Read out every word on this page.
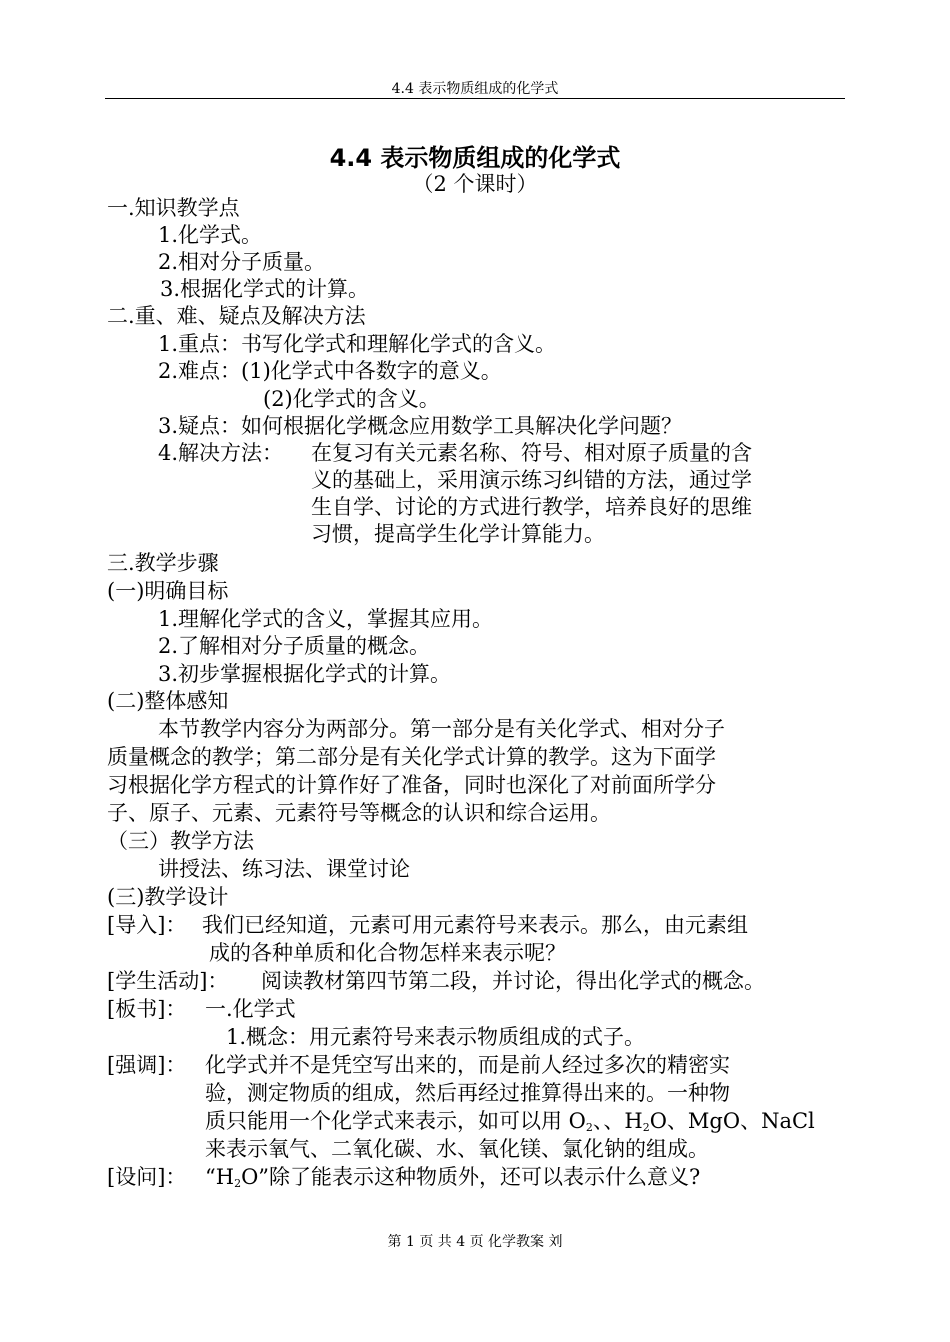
4.4 表示物质组成的化学式
4.4 表示物质组成的化学式
（2 个课时）
一.知识教学点
1.化学式。
2.相对分子质量。
3.根据化学式的计算。
二.重、难、疑点及解决方法
1.重点：书写化学式和理解化学式的含义。
2.难点：(1)化学式中各数字的意义。
(2)化学式的含义。
3.疑点：如何根据化学概念应用数学工具解决化学问题？
4.解决方法： 在复习有关元素名称、符号、相对原子质量的含
义的基础上，采用演示练习纠错的方法，通过学
生自学、讨论的方式进行教学，培养良好的思维
习惯，提高学生化学计算能力。
三.教学步骤
(一)明确目标
1.理解化学式的含义，掌握其应用。
2.了解相对分子质量的概念。
3.初步掌握根据化学式的计算。
(二)整体感知
本节教学内容分为两部分。第一部分是有关化学式、相对分子
质量概念的教学；第二部分是有关化学式计算的教学。这为下面学
习根据化学方程式的计算作好了准备，同时也深化了对前面所学分
子、原子、元素、元素符号等概念的认识和综合运用。
（三）教学方法
讲授法、练习法、课堂讨论
(三)教学设计
[导入]： 我们已经知道，元素可用元素符号来表示。那么，由元素组
成的各种单质和化合物怎样来表示呢？
[学生活动]： 阅读教材第四节第二段，并讨论，得出化学式的概念。
[板书]： 一.化学式
1.概念：用元素符号来表示物质组成的式子。
[强调]： 化学式并不是凭空写出来的，而是前人经过多次的精密实
验，测定物质的组成，然后再经过推算得出来的。一种物
质只能用一个化学式来表示，如可以用 $O_2$、、$H_2O$、MgO、NaCl
来表示氧气、二氧化碳、水、氧化镁、氯化钠的组成。
[设问]： “$H_2O$”除了能表示这种物质外，还可以表示什么意义?
第 1 页 共 4 页 化学教案 刘
